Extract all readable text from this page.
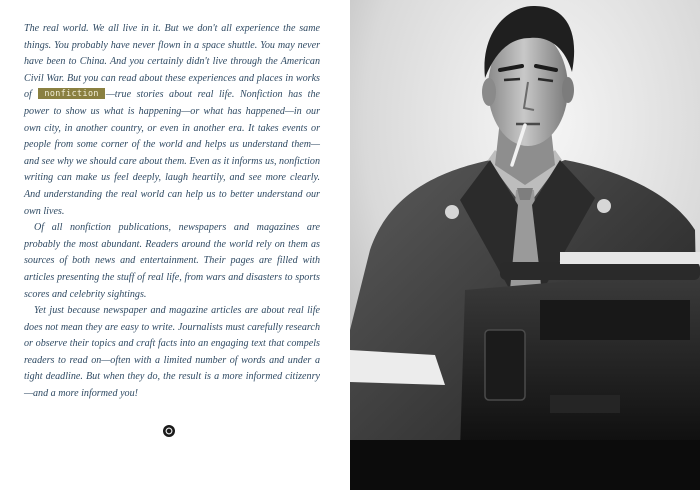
The real world. We all live in it. But we don't all experience the same things. You probably have never flown in a space shuttle. You may never have been to China. And you certainly didn't live through the American Civil War. But you can read about these experiences and places in works of nonfiction —true stories about real life. Nonfiction has the power to show us what is happening—or what has happened—in our own city, in another country, or even in another era. It takes events or people from some corner of the world and helps us understand them—and see why we should care about them. Even as it informs us, nonfiction writing can make us feel deeply, laugh heartily, and see more clearly. And understanding the real world can help us to better understand our own lives.

Of all nonfiction publications, newspapers and magazines are probably the most abundant. Readers around the world rely on them as sources of both news and entertainment. Their pages are filled with articles presenting the stuff of real life, from wars and disasters to sports scores and celebrity sightings.

Yet just because newspaper and magazine articles are about real life does not mean they are easy to write. Journalists must carefully research or observe their topics and craft facts into an engaging text that compels readers to read on—often with a limited number of words and under a tight deadline. But when they do, the result is a more informed citizenry—and a more informed you!
